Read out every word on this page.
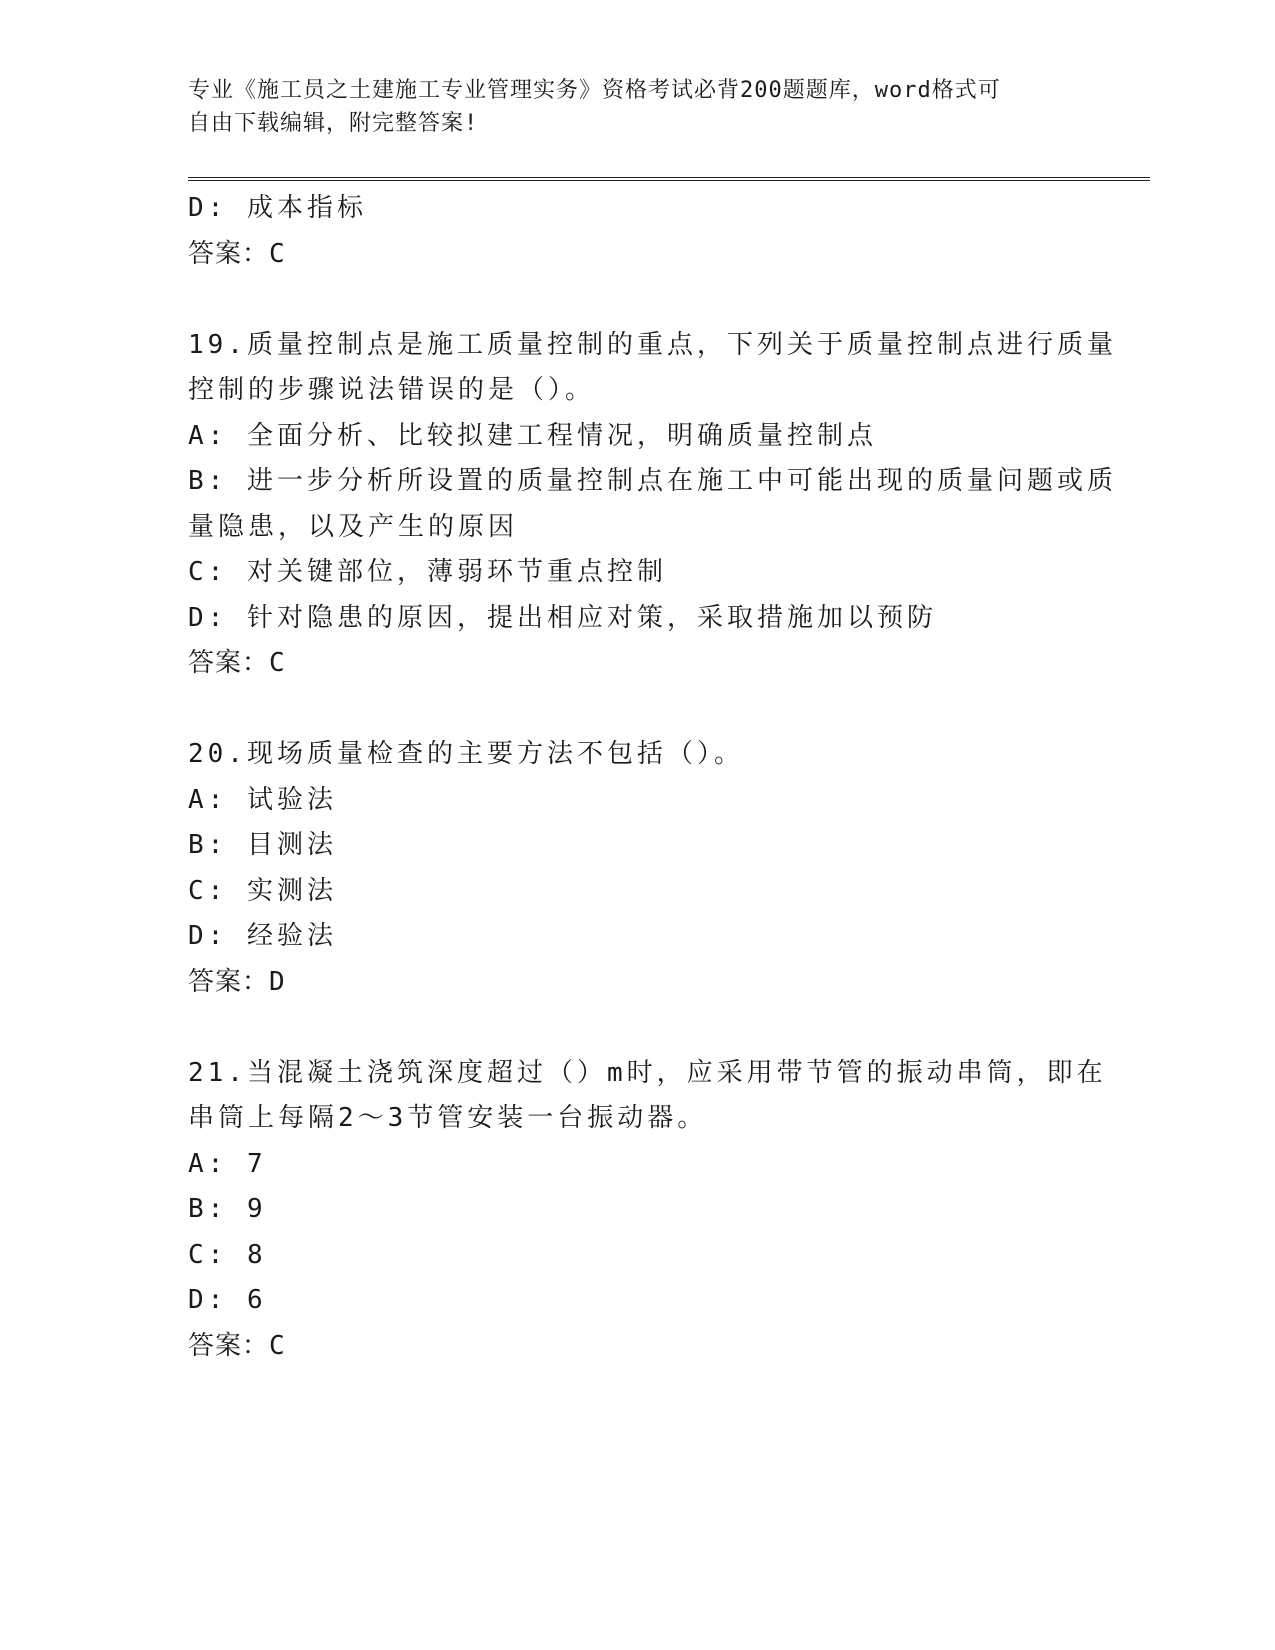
专业《施工员之土建施工专业管理实务》资格考试必背200题题库，word格式可
自由下载编辑，附完整答案!
D: 成本指标
答案：C
19.质量控制点是施工质量控制的重点，下列关于质量控制点进行质量
控制的步骤说法错误的是（）。
A: 全面分析、比较拟建工程情况，明确质量控制点
B: 进一步分析所设置的质量控制点在施工中可能出现的质量问题或质
量隐患，以及产生的原因
C: 对关键部位，薄弱环节重点控制
D: 针对隐患的原因，提出相应对策，采取措施加以预防
答案：C
20.现场质量检查的主要方法不包括（）。
A: 试验法
B: 目测法
C: 实测法
D: 经验法
答案：D
21.当混凝土浇筑深度超过（）m时，应采用带节管的振动串筒，即在
串筒上每隔2～3节管安装一台振动器。
A: 7
B: 9
C: 8
D: 6
答案：C
